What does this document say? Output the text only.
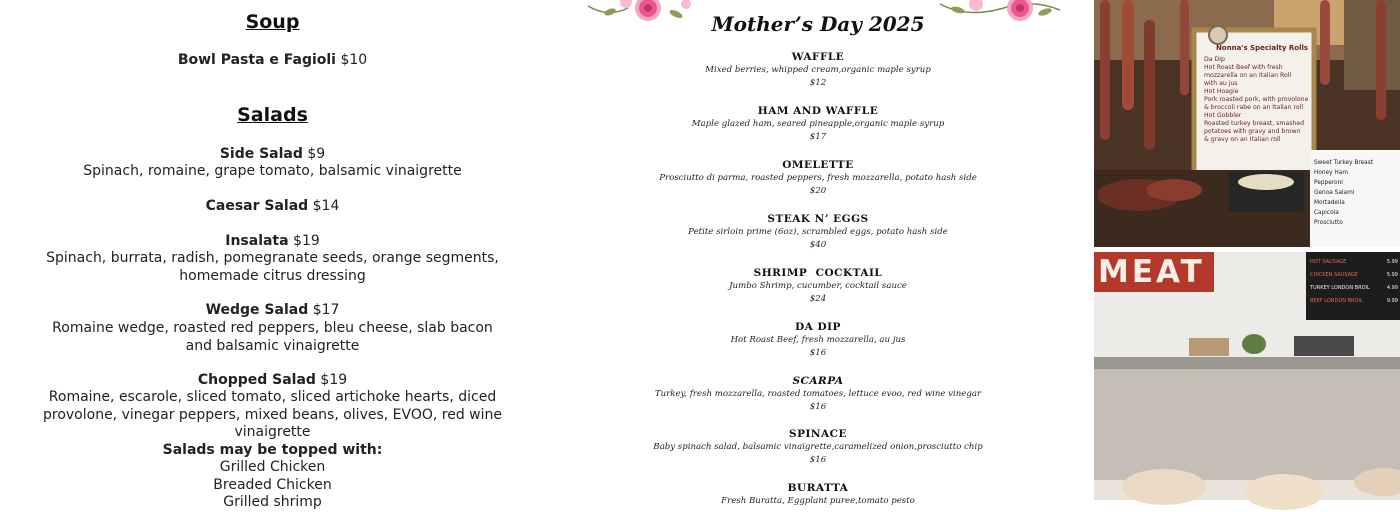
Soup
Bowl Pasta e Fagioli $10
Salads
Side Salad $9
Spinach, romaine, grape tomato, balsamic vinaigrette
Caesar Salad $14
Insalata $19
Spinach, burrata, radish, pomegranate seeds, orange segments, homemade citrus dressing
Wedge Salad $17
Romaine wedge, roasted red peppers, bleu cheese, slab bacon and balsamic vinaigrette
Chopped Salad $19
Romaine, escarole, sliced tomato, sliced artichoke hearts, diced provolone, vinegar peppers, mixed beans, olives, EVOO, red wine vinaigrette
Salads may be topped with:
Grilled Chicken
Breaded Chicken
Grilled shrimp
Mother’s Day 2025
WAFFLE
Mixed berries, whipped cream,organic maple syrup
$12
HAM AND WAFFLE
Maple glazed ham, seared pineapple,organic maple syrup
$17
OMELETTE
Prosciutto di parma, roasted peppers, fresh mozzarella, potato hash side
$20
STEAK N’ EGGS
Petite sirloin prime (6oz), scrambled eggs, potato hash side
$40
SHRIMP  COCKTAIL
Jumbo Shrimp, cucumber, cocktail sauce
$24
DA DIP
Hot Roast Beef, fresh mozzarella, au jus
$16
SCARPA
Turkey, fresh mozzarella, roasted tomatoes, lettuce evoo, red wine vinegar
$16
SPINACE
Baby spinach salad, balsamic vinaigrette,caramelized onion,prosciutto chip
$16
BURATTA
Fresh Buratta, Eggplant puree,tomato pesto
Nonna's Specialty Rolls
Da Dip
Hot Roast Beef with fresh
mozzarella on an Italian Roll
with au jus
Hot Hoagie
Pork roasted pork, with provolone
& broccoli rabe on an Italian roll
Hot Gobbler
Roasted turkey breast, smashed
potatoes with gravy and brown
& gravy on an Italian roll
Sweet Turkey Breast
Honey Ham
Pepperoni
Genoa Salami
Mortadella
Capicola
Prosciutto
MEAT	HOT SAUSAGE	5.99
CHICKEN SAUSAGE	5.99
TURKEY LONDON BROIL	4.99
BEEF LONDON BROIL	9.99
